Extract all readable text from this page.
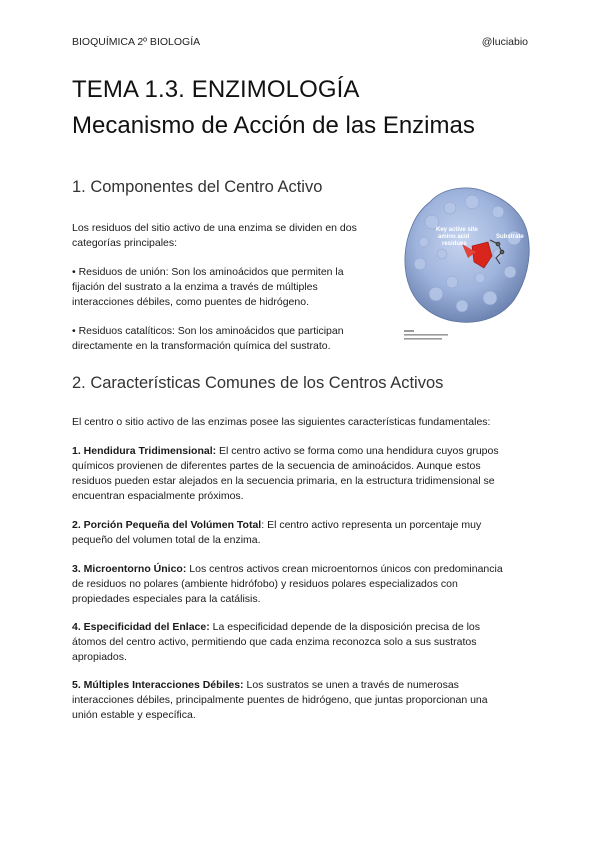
BIOQUÍMICA 2º BIOLOGÍA	@luciabio
TEMA 1.3. ENZIMOLOGÍA
Mecanismo de Acción de las Enzimas
1. Componentes del Centro Activo
Los residuos del sitio activo de una enzima se dividen en dos
categorías principales:
• Residuos de unión: Son los aminoácidos que permiten la
fijación del sustrato a la enzima a través de múltiples
interacciones débiles, como puentes de hidrógeno.
• Residuos catalíticos: Son los aminoácidos que participan
directamente en la transformación química del sustrato.
Key active site amino acid residues
Substrate
2. Características Comunes de los Centros Activos
El centro o sitio activo de las enzimas posee las siguientes características fundamentales:
1. Hendidura Tridimensional: El centro activo se forma como una hendidura cuyos grupos
químicos provienen de diferentes partes de la secuencia de aminoácidos. Aunque estos
residuos pueden estar alejados en la secuencia primaria, en la estructura tridimensional se
encuentran espacialmente próximos.
2. Porción Pequeña del Volúmen Total: El centro activo representa un porcentaje muy
pequeño del volumen total de la enzima.
3. Microentorno Único: Los centros activos crean microentornos únicos con predominancia
de residuos no polares (ambiente hidrófobo) y residuos polares especializados con
propiedades especiales para la catálisis.
4. Especificidad del Enlace: La especificidad depende de la disposición precisa de los
átomos del centro activo, permitiendo que cada enzima reconozca solo a sus sustratos
apropiados.
5. Múltiples Interacciones Débiles: Los sustratos se unen a través de numerosas
interacciones débiles, principalmente puentes de hidrógeno, que juntas proporcionan una
unión estable y específica.
